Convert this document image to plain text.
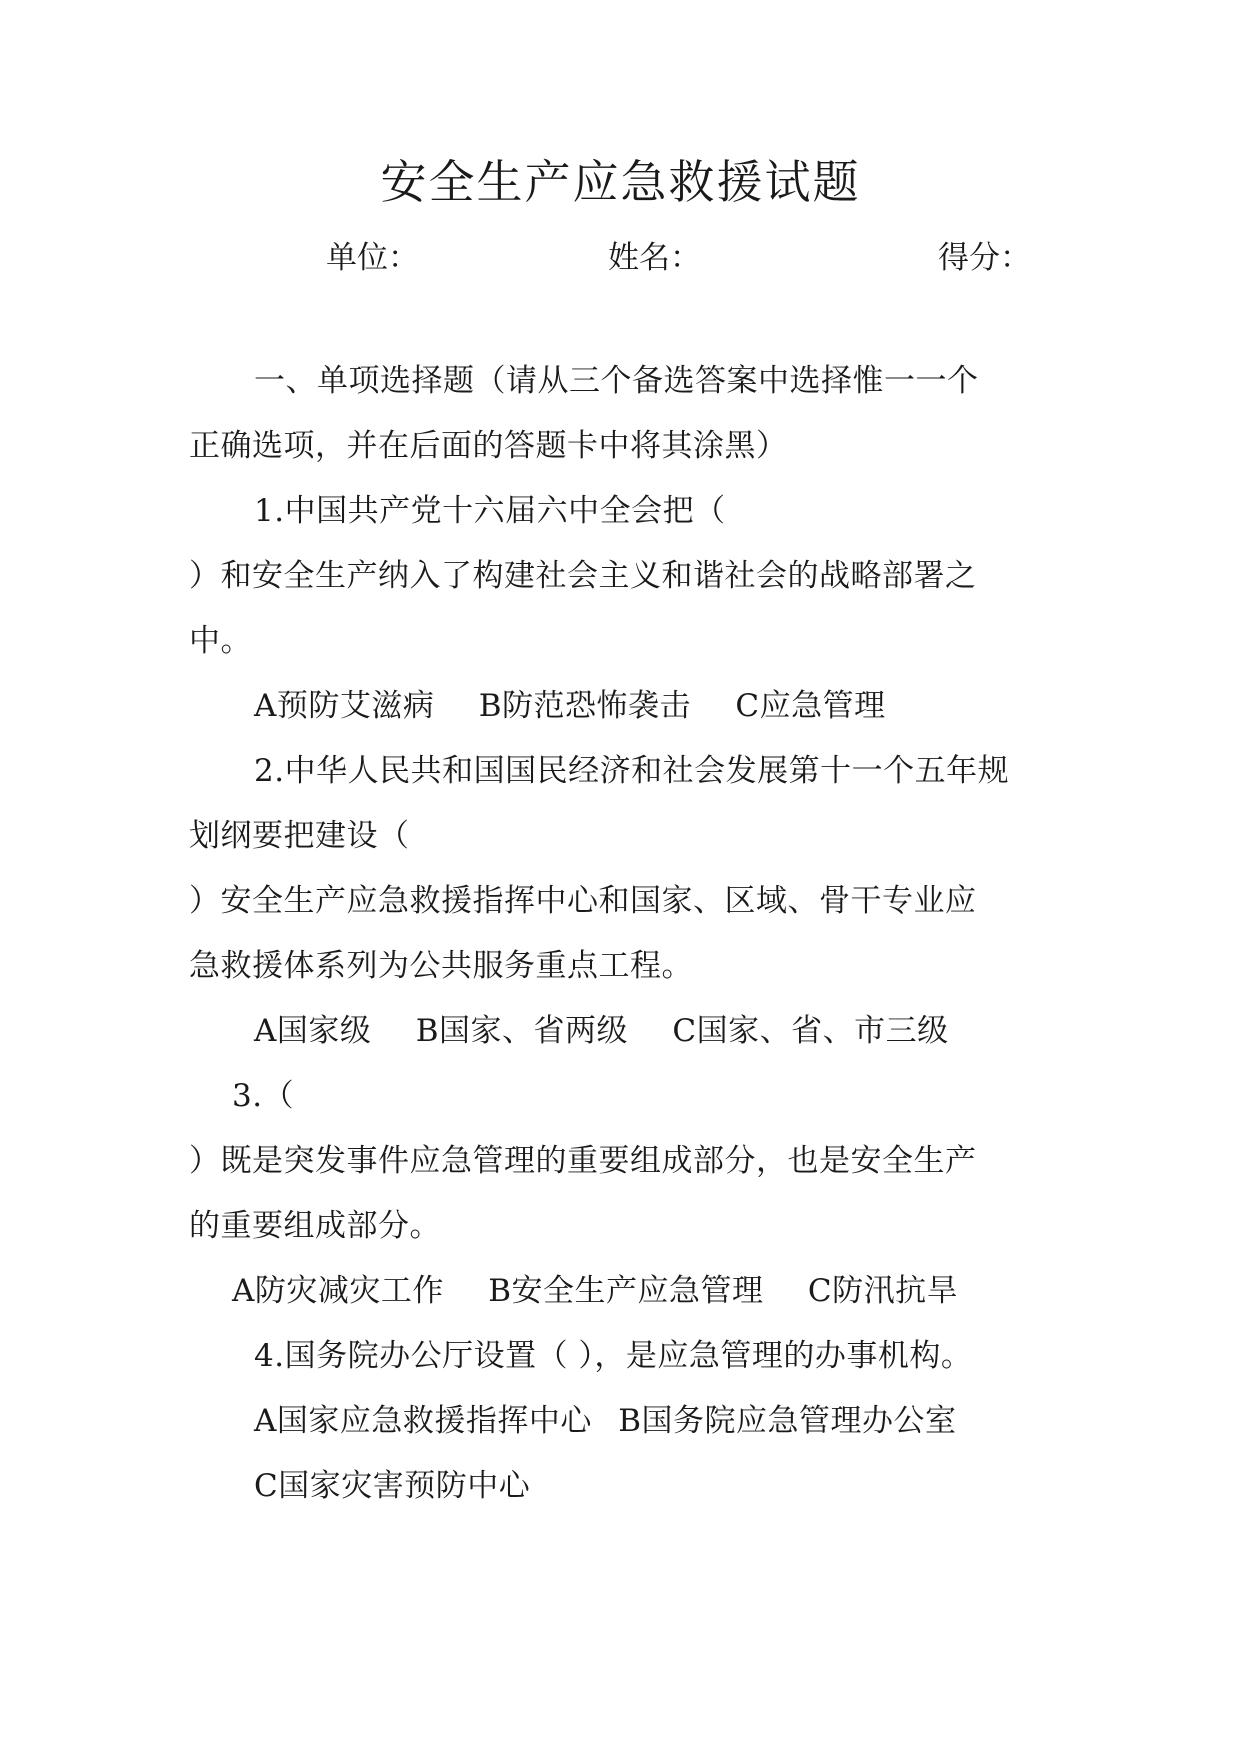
安全生产应急救援试题
单位：	姓名：	得分：
一、单项选择题（请从三个备选答案中选择惟一一个
正确选项，并在后面的答题卡中将其涂黑）
1.中国共产党十六届六中全会把（
）和安全生产纳入了构建社会主义和谐社会的战略部署之
中。
A预防艾滋病 B防范恐怖袭击 C应急管理
2.中华人民共和国国民经济和社会发展第十一个五年规
划纲要把建设（
）安全生产应急救援指挥中心和国家、区域、骨干专业应
急救援体系列为公共服务重点工程。
A国家级 B国家、省两级 C国家、省、市三级
3.（
）既是突发事件应急管理的重要组成部分，也是安全生产
的重要组成部分。
A防灾减灾工作 B安全生产应急管理 C防汛抗旱
4.国务院办公厅设置（ ），是应急管理的办事机构。
A国家应急救援指挥中心 B国务院应急管理办公室
C国家灾害预防中心
